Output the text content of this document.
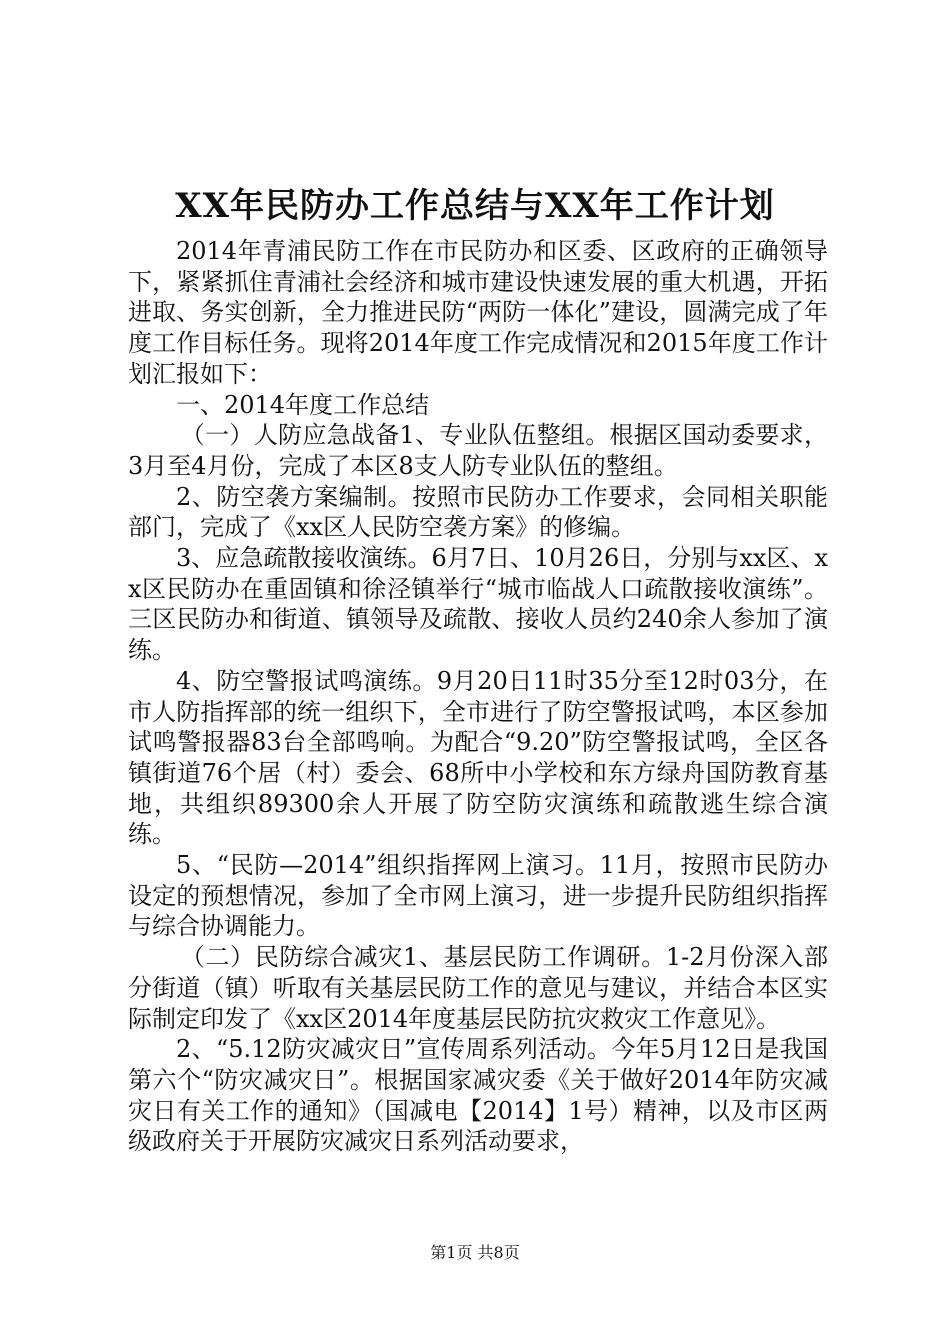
XX年民防办工作总结与XX年工作计划

2014年青浦民防工作在市民防办和区委、区政府的正确领导下，紧紧抓住青浦社会经济和城市建设快速发展的重大机遇，开拓进取、务实创新，全力推进民防“两防一体化”建设，圆满完成了年度工作目标任务。现将2014年度工作完成情况和2015年度工作计划汇报如下：

一、2014年度工作总结

（一）人防应急战备1、专业队伍整组。根据区国动委要求，3月至4月份，完成了本区8支人防专业队伍的整组。

2、防空袭方案编制。按照市民防办工作要求，会同相关职能部门，完成了《xx区人民防空袭方案》的修编。

3、应急疏散接收演练。6月7日、10月26日，分别与xx区、xx区民防办在重固镇和徐泾镇举行“城市临战人口疏散接收演练”。三区民防办和街道、镇领导及疏散、接收人员约240余人参加了演练。

4、防空警报试鸣演练。9月20日11时35分至12时03分，在市人防指挥部的统一组织下，全市进行了防空警报试鸣，本区参加试鸣警报器83台全部鸣响。为配合“9.20”防空警报试鸣，全区各镇街道76个居（村）委会、68所中小学校和东方绿舟国防教育基地，共组织89300余人开展了防空防灾演练和疏散逃生综合演练。

5、“民防—2014”组织指挥网上演习。11月，按照市民防办设定的预想情况，参加了全市网上演习，进一步提升民防组织指挥与综合协调能力。

（二）民防综合减灾1、基层民防工作调研。1-2月份深入部分街道（镇）听取有关基层民防工作的意见与建议，并结合本区实际制定印发了《xx区2014年度基层民防抗灾救灾工作意见》。

2、“5.12防灾减灾日”宣传周系列活动。今年5月12日是我国第六个“防灾减灾日”。根据国家减灾委《关于做好2014年防灾减灾日有关工作的通知》（国减电【2014】1号）精神，以及市区两级政府关于开展防灾减灾日系列活动要求，

第1页 共8页
